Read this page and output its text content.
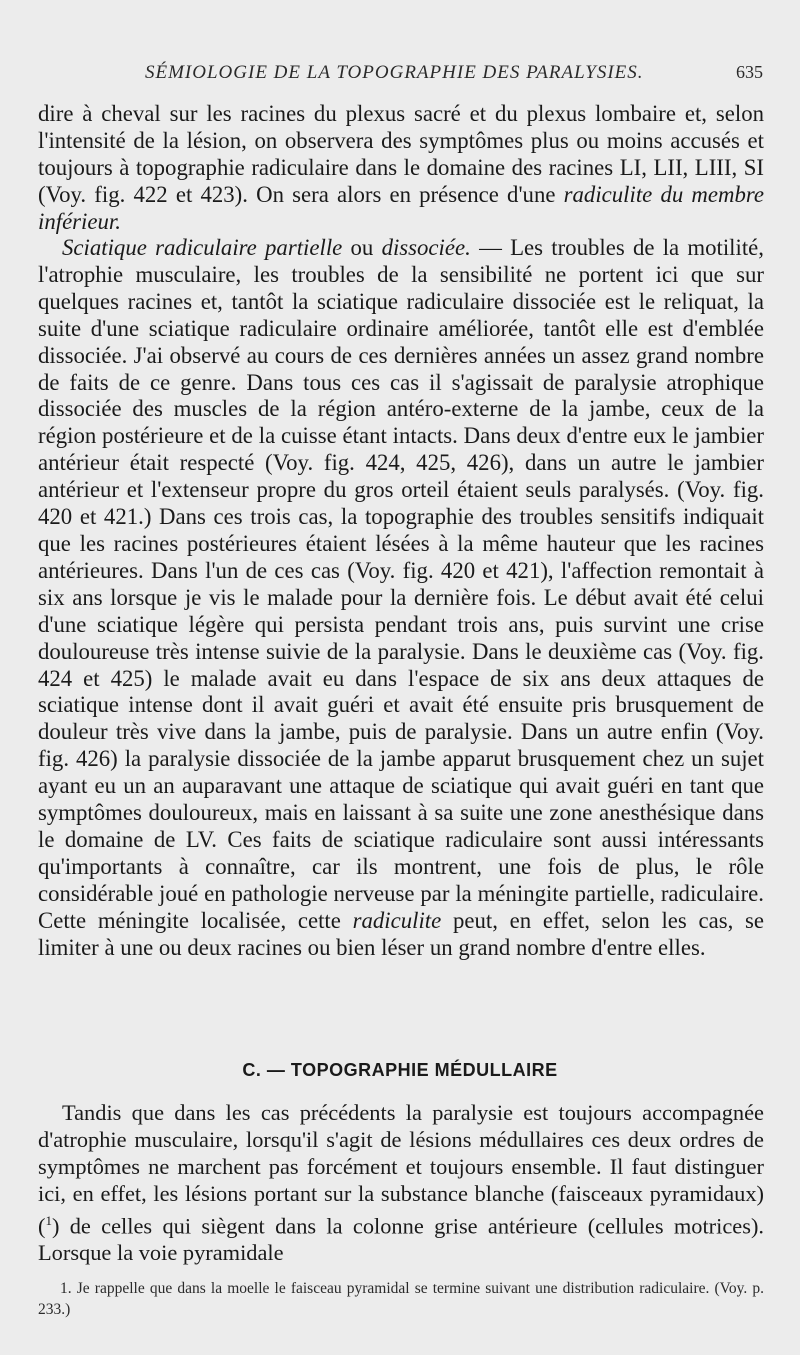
SÉMIOLOGIE DE LA TOPOGRAPHIE DES PARALYSIES.	635

dire à cheval sur les racines du plexus sacré et du plexus lombaire et, selon l'intensité de la lésion, on observera des symptômes plus ou moins accusés et toujours à topographie radiculaire dans le domaine des racines LI, LII, LIII, SI (Voy. fig. 422 et 423). On sera alors en présence d'une radiculite du membre inférieur.

Sciatique radiculaire partielle ou dissociée. — Les troubles de la motilité, l'atrophie musculaire, les troubles de la sensibilité ne portent ici que sur quelques racines et, tantôt la sciatique radiculaire dissociée est le reliquat, la suite d'une sciatique radiculaire ordinaire améliorée, tantôt elle est d'emblée dissociée. J'ai observé au cours de ces dernières années un assez grand nombre de faits de ce genre. Dans tous ces cas il s'agissait de paralysie atrophique dissociée des muscles de la région antéro-externe de la jambe, ceux de la région postérieure et de la cuisse étant intacts. Dans deux d'entre eux le jambier antérieur était respecté (Voy. fig. 424, 425, 426), dans un autre le jambier antérieur et l'extenseur propre du gros orteil étaient seuls paralysés. (Voy. fig. 420 et 421.) Dans ces trois cas, la topographie des troubles sensitifs indiquait que les racines postérieures étaient lésées à la même hauteur que les racines antérieures. Dans l'un de ces cas (Voy. fig. 420 et 421), l'affection remontait à six ans lorsque je vis le malade pour la dernière fois. Le début avait été celui d'une sciatique légère qui persista pendant trois ans, puis survint une crise douloureuse très intense suivie de la paralysie. Dans le deuxième cas (Voy. fig. 424 et 425) le malade avait eu dans l'espace de six ans deux attaques de sciatique intense dont il avait guéri et avait été ensuite pris brusquement de douleur très vive dans la jambe, puis de paralysie. Dans un autre enfin (Voy. fig. 426) la paralysie dissociée de la jambe apparut brusquement chez un sujet ayant eu un an auparavant une attaque de sciatique qui avait guéri en tant que symptômes douloureux, mais en laissant à sa suite une zone anesthésique dans le domaine de LV. Ces faits de sciatique radiculaire sont aussi intéressants qu'importants à connaître, car ils montrent, une fois de plus, le rôle considérable joué en pathologie nerveuse par la méningite partielle, radiculaire. Cette méningite localisée, cette radiculite peut, en effet, selon les cas, se limiter à une ou deux racines ou bien léser un grand nombre d'entre elles.

C. — TOPOGRAPHIE MÉDULLAIRE

Tandis que dans les cas précédents la paralysie est toujours accompagnée d'atrophie musculaire, lorsqu'il s'agit de lésions médullaires ces deux ordres de symptômes ne marchent pas forcément et toujours ensemble. Il faut distinguer ici, en effet, les lésions portant sur la substance blanche (faisceaux pyramidaux) ($^1$) de celles qui siègent dans la colonne grise antérieure (cellules motrices). Lorsque la voie pyramidale

1. Je rappelle que dans la moelle le faisceau pyramidal se termine suivant une distribution radiculaire. (Voy. p. 233.)
